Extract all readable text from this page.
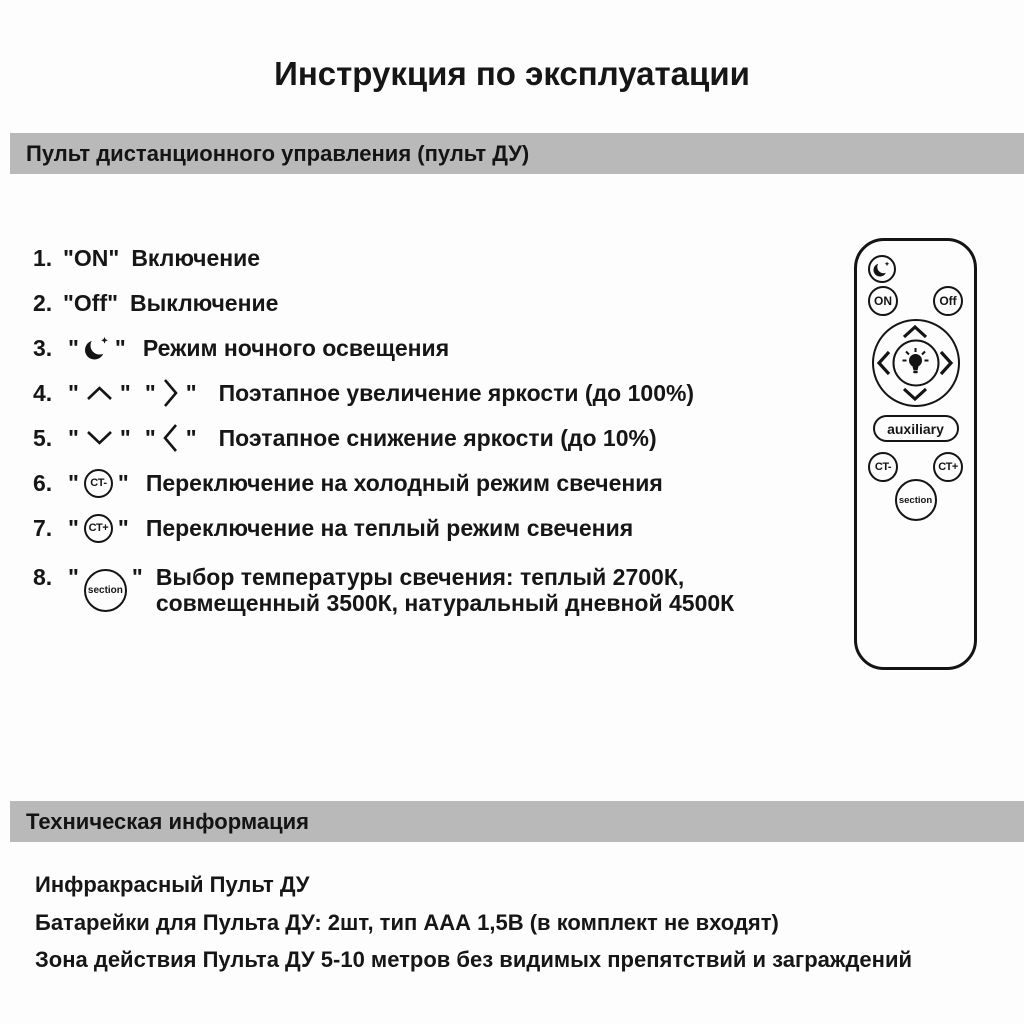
Инструкция по эксплуатации
Пульт дистанционного управления (пульт ДУ)
1. " ON " Включение
2. " Off " Выключение
3. " " Режим ночного освещения
4. " " " " Поэтапное увеличение яркости (до 100%)
5. " " " " Поэтапное снижение яркости (до 10%)
6. "	CT- " Переключение на холодный режим свечения
7. " CT+ " Переключение на теплый режим свечения
8. " section " Выбор температуры свечения: теплый 2700К,
совмещенный 3500К, натуральный дневной 4500К
ON	Off
auxiliary
CT-	CT+
section
Техническая информация
Инфракрасный Пульт ДУ
Батарейки для Пульта ДУ: 2шт, тип ААА 1,5В (в комплект не входят)
Зона действия Пульта ДУ 5-10 метров без видимых препятствий и заграждений
